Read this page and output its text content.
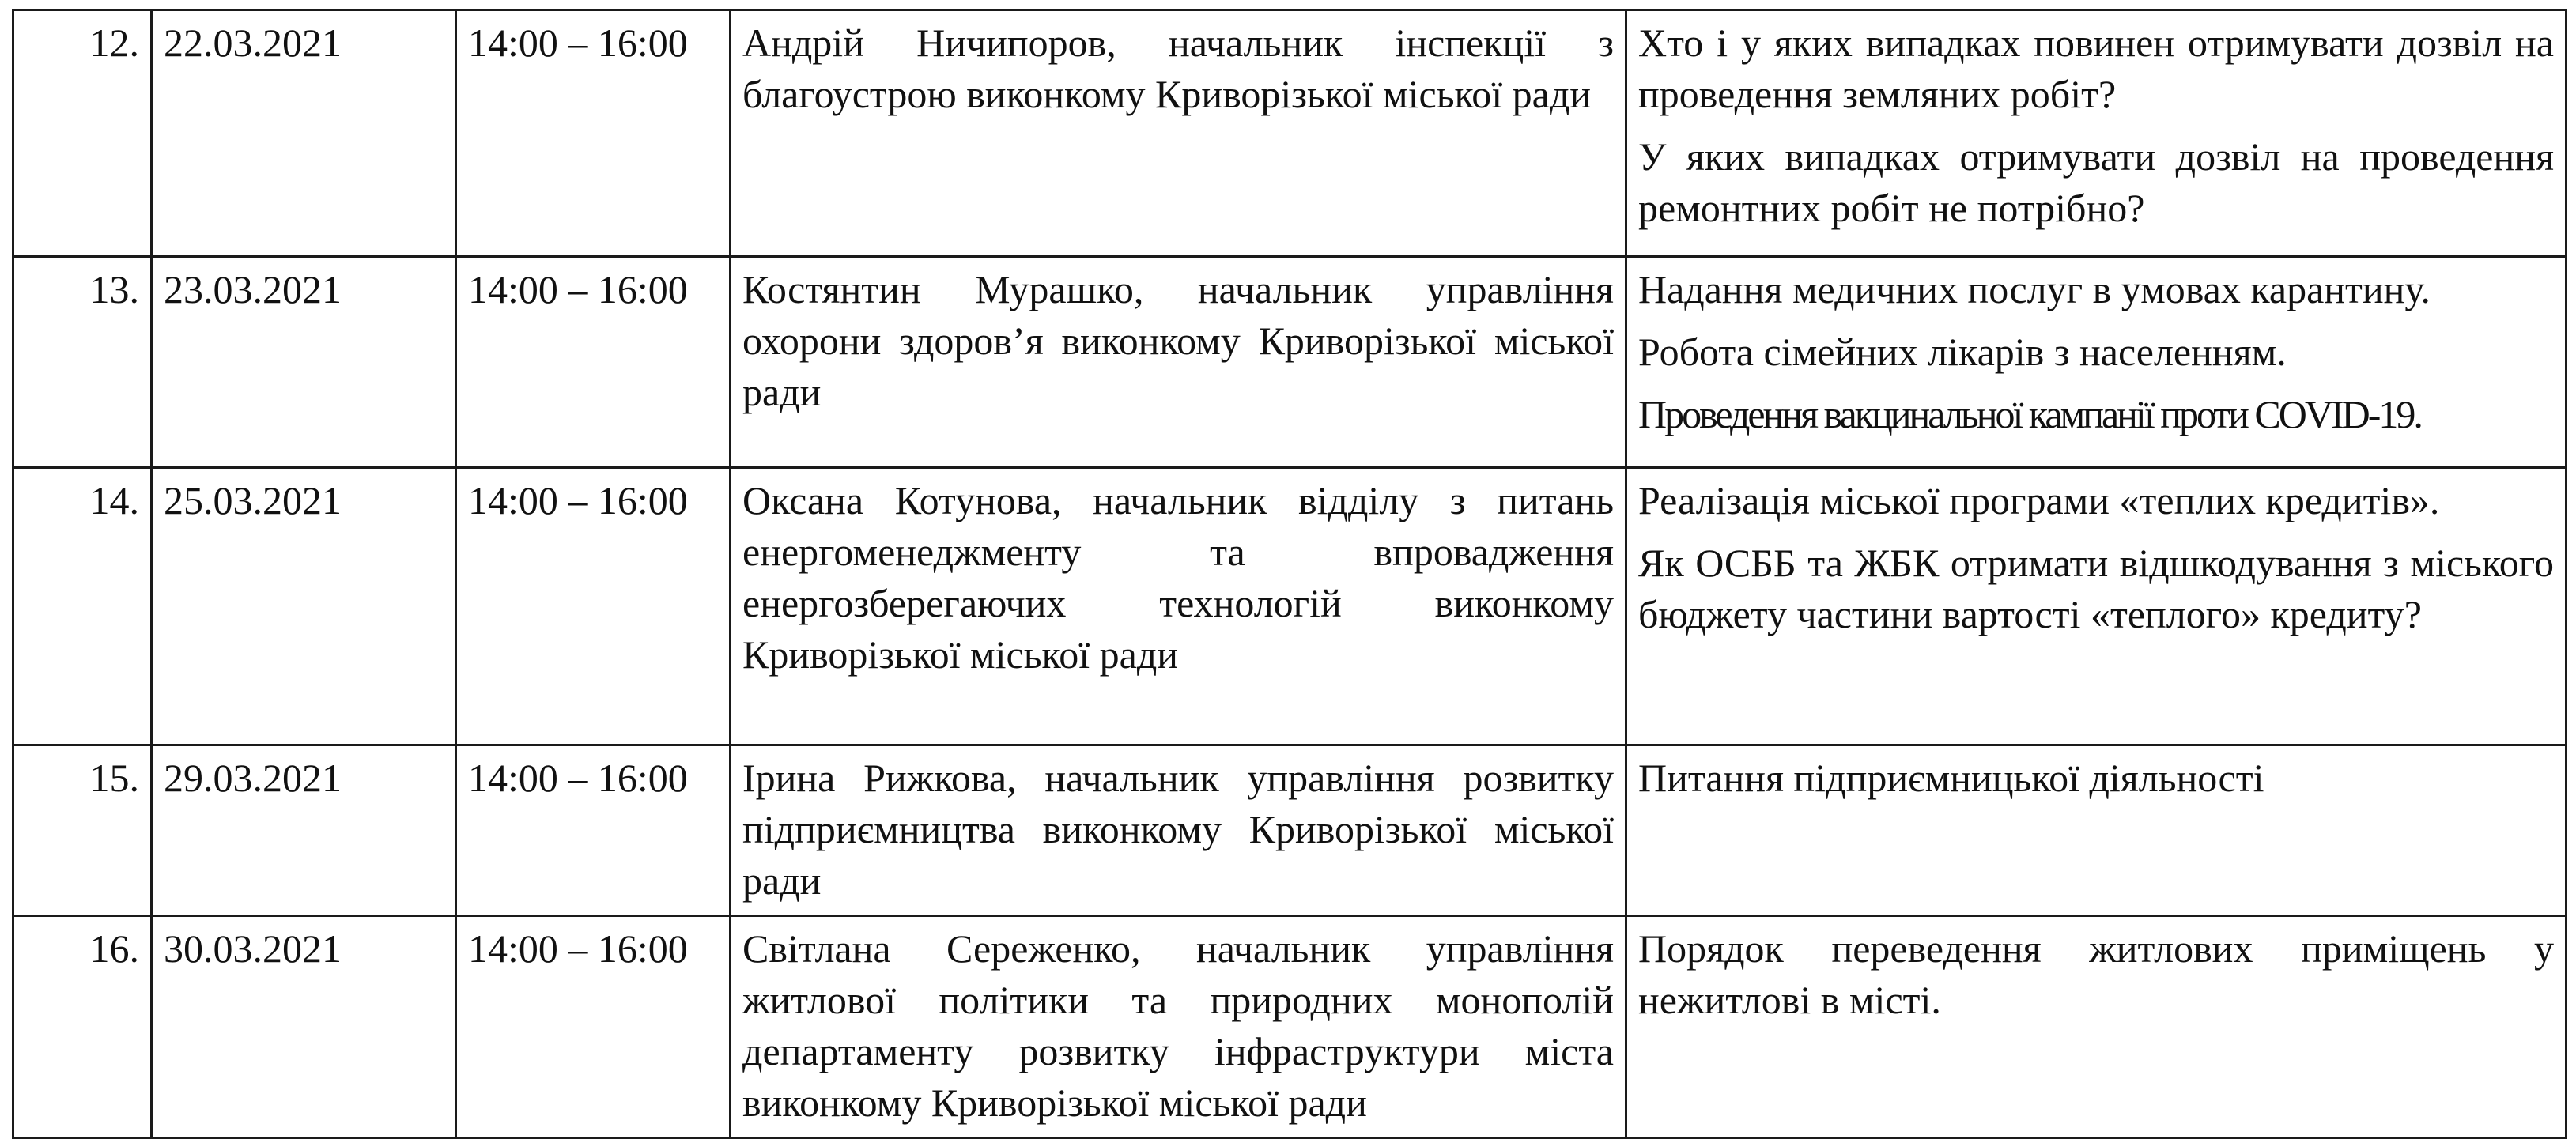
12.	22.03.2021	14:00 – 16:00	Андрій Ничипоров, начальник інспекції з благоустрою виконкому Криворізької міської ради	Хто і у яких випадках повинен отримувати дозвіл на проведення земляних робіт?

У яких випадках отримувати дозвіл на проведення ремонтних робіт не потрібно?

13.	23.03.2021	14:00 – 16:00	Костянтин Мурашко, начальник управління охорони здоров’я виконкому Криворізької міської ради	Надання медичних послуг в умовах карантину.

Робота сімейних лікарів з населенням.

Проведення вакцинальної кампанії проти COVID-19.

14.	25.03.2021	14:00 – 16:00	Оксана Котунова, начальник відділу з питань енергоменеджменту та впровадження енергозберегаючих технологій виконкому Криворізької міської ради	Реалізація міської програми «теплих кредитів».

Як ОСББ та ЖБК отримати відшкодування з міського бюджету частини вартості «теплого» кредиту?

15.	29.03.2021	14:00 – 16:00	Ірина Рижкова, начальник управління розвитку підприємництва виконкому Криворізької міської ради	Питання підприємницької діяльності

16.	30.03.2021	14:00 – 16:00	Світлана Сереженко, начальник управління житлової політики та природних монополій департаменту розвитку інфраструктури міста виконкому Криворізької міської ради	Порядок переведення житлових приміщень у нежитлові в місті.
